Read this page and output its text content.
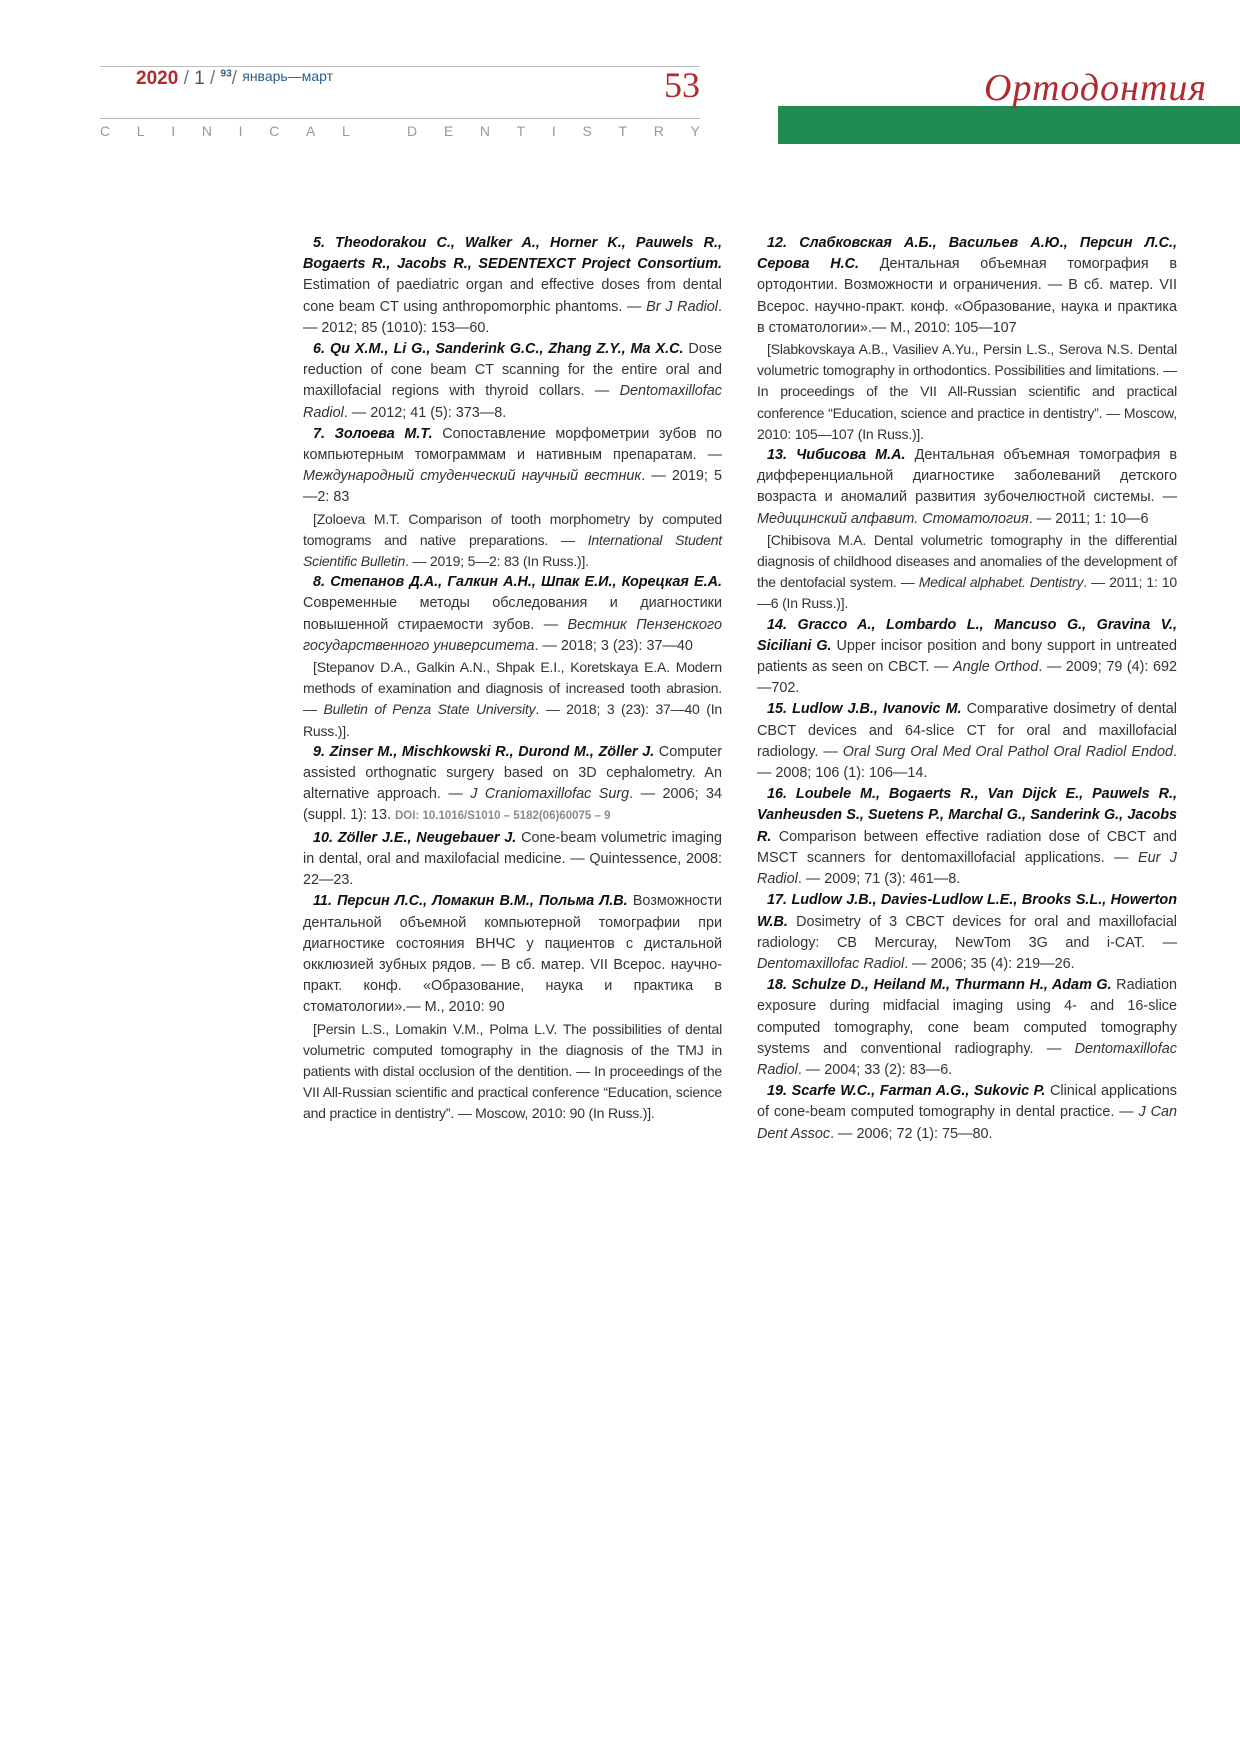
2020 / 1 / $^{93}$/ январь—март	53
C L I N I C A L
	D E N T I S T R Y
Ортодонтия

5. Theodorakou C., Walker A., Horner K., Pauwels R., Bogaerts R., Jacobs R., SEDENTEXCT Project Consortium. Estimation of paediatric organ and effective doses from dental cone beam CT using anthropomorphic phantoms. — Br J Radiol. — 2012; 85 (1010): 153—60.

6. Qu X.M., Li G., Sanderink G.C., Zhang Z.Y., Ma X.C. Dose reduction of cone beam CT scanning for the entire oral and maxillofacial regions with thyroid collars. — Dentomaxillofac Radiol. — 2012; 41 (5): 373—8.

7. Золоева М.Т. Сопоставление морфометрии зубов по компьютерным томограммам и нативным препаратам. — Международный студенческий научный вестник. — 2019; 5—2: 83
[Zoloeva M.T. Comparison of tooth morphometry by computed tomograms and native preparations. — International Student Scientific Bulletin. — 2019; 5—2: 83 (In Russ.)].

8. Степанов Д.А., Галкин А.Н., Шпак Е.И., Корецкая Е.А. Современные методы обследования и диагностики повышенной стираемости зубов. — Вестник Пензенского государственного университета. — 2018; 3 (23): 37—40
[Stepanov D.A., Galkin A.N., Shpak E.I., Koretskaya E.A. Modern methods of examination and diagnosis of increased tooth abrasion. — Bulletin of Penza State University. — 2018; 3 (23): 37—40 (In Russ.)].

9. Zinser M., Mischkowski R., Durond M., Zöller J. Computer assisted orthognatic surgery based on 3D cephalometry. An alternative approach. — J Craniomaxillofac Surg. — 2006; 34 (suppl. 1): 13. DOI: 10.1016/S1010 – 5182(06)60075 – 9

10. Zöller J.E., Neugebauer J. Cone-beam volumetric imaging in dental, oral and maxilofacial medicine. — Quintessence, 2008: 22—23.

11. Персин Л.С., Ломакин В.М., Польма Л.В. Возможности дентальной объемной компьютерной томографии при диагностике состояния ВНЧС у пациентов с дистальной окклюзией зубных рядов. — В сб. матер. VII Всерос. научно-практ. конф. «Образование, наука и практика в стоматологии».— М., 2010: 90
[Persin L.S., Lomakin V.M., Polma L.V. The possibilities of dental volumetric computed tomography in the diagnosis of the TMJ in patients with distal occlusion of the dentition. — In proceedings of the VII All-Russian scientific and practical conference “Education, science and practice in dentistry”. — Moscow, 2010: 90 (In Russ.)].

12. Слабковская А.Б., Васильев А.Ю., Персин Л.С., Серова Н.С. Дентальная объемная томография в ортодонтии. Возможности и ограничения. — В сб. матер. VII Всерос. научно-практ. конф. «Образование, наука и практика в стоматологии».— М., 2010: 105—107
[Slabkovskaya A.B., Vasiliev A.Yu., Persin L.S., Serova N.S. Dental volumetric tomography in orthodontics. Possibilities and limitations. — In proceedings of the VII All-Russian scientific and practical conference “Education, science and practice in dentistry”. — Moscow, 2010: 105—107 (In Russ.)].

13. Чибисова М.А. Дентальная объемная томография в дифференциальной диагностике заболеваний детского возраста и аномалий развития зубочелюстной системы. — Медицинский алфавит. Стоматология. — 2011; 1: 10—6
[Chibisova M.A. Dental volumetric tomography in the differential diagnosis of childhood diseases and anomalies of the development of the dentofacial system. — Medical alphabet. Dentistry. — 2011; 1: 10—6 (In Russ.)].

14. Gracco A., Lombardo L., Mancuso G., Gravina V., Siciliani G. Upper incisor position and bony support in untreated patients as seen on CBCT. — Angle Orthod. — 2009; 79 (4): 692—702.

15. Ludlow J.B., Ivanovic M. Comparative dosimetry of dental CBCT devices and 64-slice CT for oral and maxillofacial radiology. — Oral Surg Oral Med Oral Pathol Oral Radiol Endod. — 2008; 106 (1): 106—14.

16. Loubele M., Bogaerts R., Van Dijck E., Pauwels R., Vanheusden S., Suetens P., Marchal G., Sanderink G., Jacobs R. Comparison between effective radiation dose of CBCT and MSCT scanners for dentomaxillofacial applications. — Eur J Radiol. — 2009; 71 (3): 461—8.

17. Ludlow J.B., Davies-Ludlow L.E., Brooks S.L., Howerton W.B. Dosimetry of 3 CBCT devices for oral and maxillofacial radiology: CB Mercuray, NewTom 3G and i-CAT. — Dentomaxillofac Radiol. — 2006; 35 (4): 219—26.

18. Schulze D., Heiland M., Thurmann H., Adam G. Radiation exposure during midfacial imaging using 4- and 16-slice computed tomography, cone beam computed tomography systems and conventional radiography. — Dentomaxillofac Radiol. — 2004; 33 (2): 83—6.

19. Scarfe W.C., Farman A.G., Sukovic P. Clinical applications of cone-beam computed tomography in dental practice. — J Can Dent Assoc. — 2006; 72 (1): 75—80.
